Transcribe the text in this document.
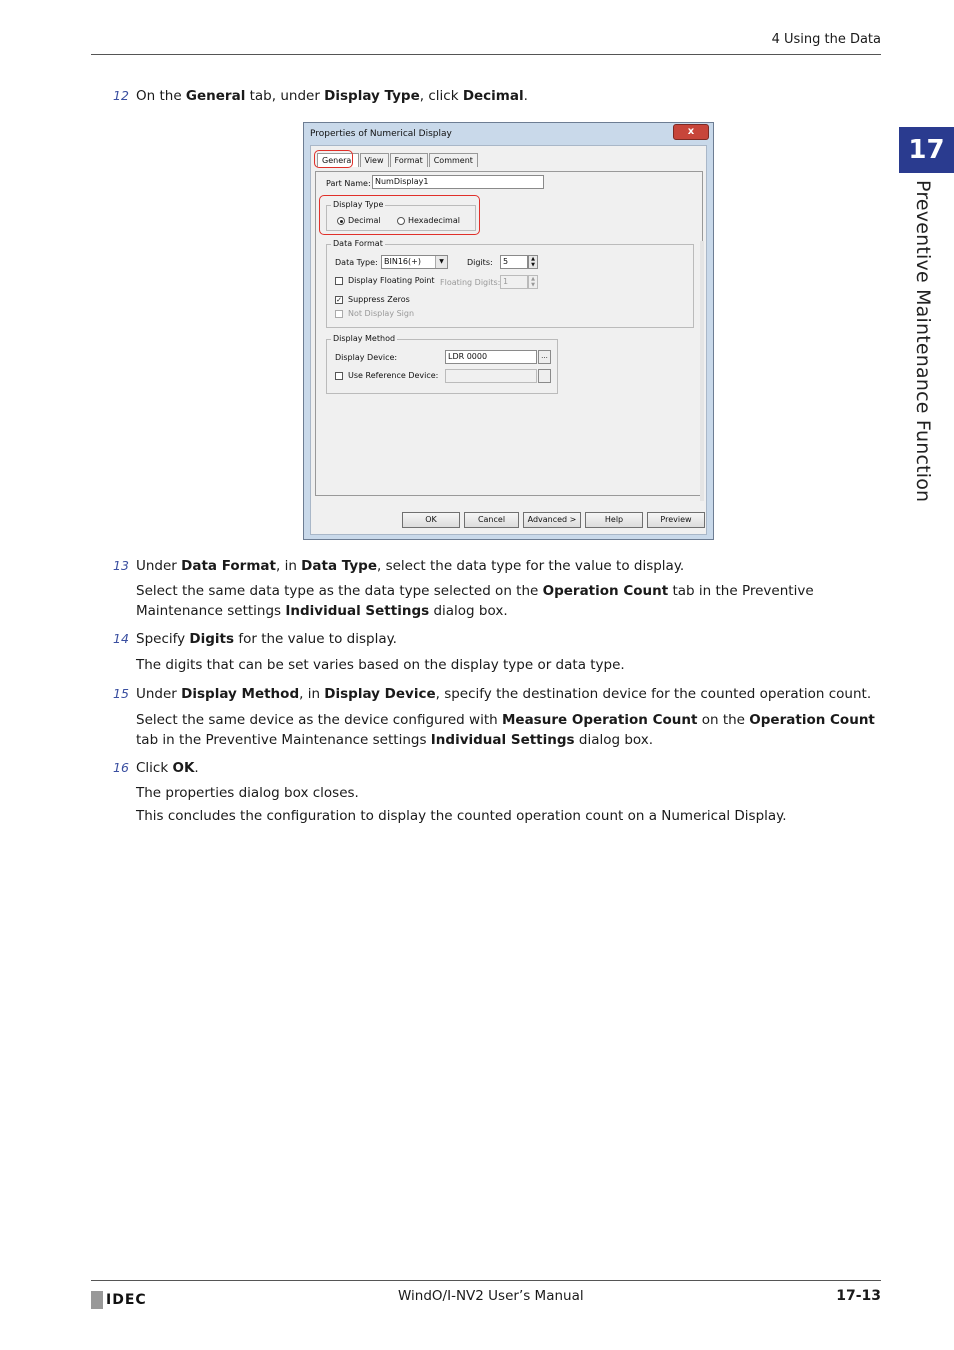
4 Using the Data
17
Preventive Maintenance Function
12 On the General tab, under Display Type, click Decimal.
Properties of Numerical Display	x
General	View	Format	Comment
Part Name: NumDisplay1
Display Type
Decimal	Hexadecimal
Data Format
Data Type: BIN16(+)	▼	Digits:	5	▲
▼
Display Floating Point Floating Digits: 1	▲
▼
✓ Suppress Zeros
Not Display Sign
Display Method
Display Device:	LDR 0000	...
Use Reference Device:
OK	Cancel	Advanced >	Help	Preview
13 Under Data Format, in Data Type, select the data type for the value to display.
Select the same data type as the data type selected on the Operation Count tab in the Preventive Maintenance settings Individual Settings dialog box.
14 Specify Digits for the value to display.
The digits that can be set varies based on the display type or data type.
15 Under Display Method, in Display Device, specify the destination device for the counted operation count.
Select the same device as the device configured with Measure Operation Count on the Operation Count tab in the Preventive Maintenance settings Individual Settings dialog box.
16 Click OK.
The properties dialog box closes.
This concludes the configuration to display the counted operation count on a Numerical Display.
IDEC	WindO/I-NV2 User’s Manual	17-13
